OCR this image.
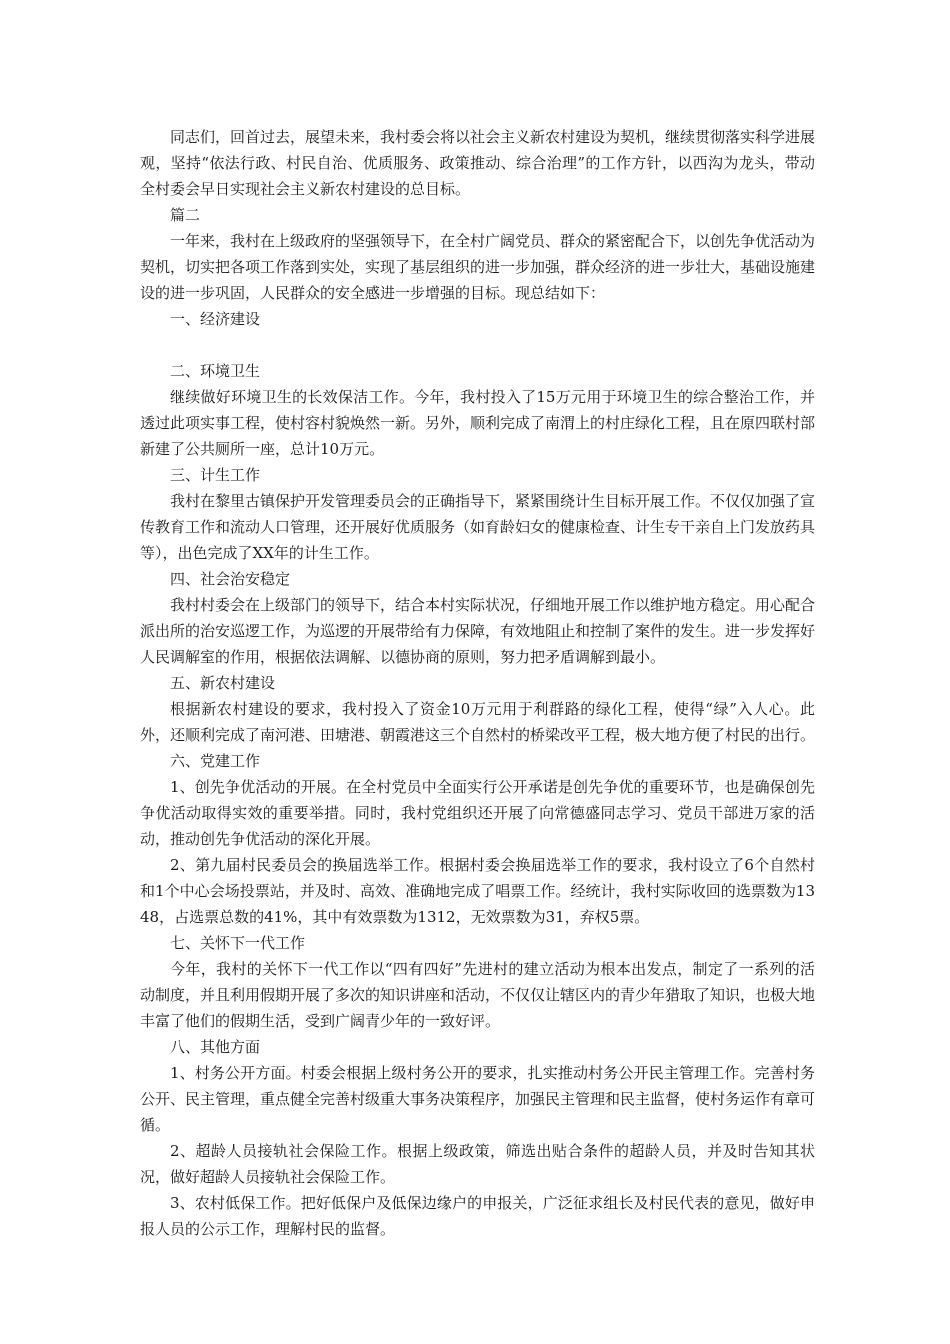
同志们，回首过去，展望未来，我村委会将以社会主义新农村建设为契机，继续贯彻落实科学进展观，坚持“依法行政、村民自治、优质服务、政策推动、综合治理”的工作方针，以西沟为龙头，带动全村委会早日实现社会主义新农村建设的总目标。

篇二

一年来，我村在上级政府的坚强领导下，在全村广阔党员、群众的紧密配合下，以创先争优活动为契机，切实把各项工作落到实处，实现了基层组织的进一步加强，群众经济的进一步壮大，基础设施建设的进一步巩固，人民群众的安全感进一步增强的目标。现总结如下：

一、经济建设

二、环境卫生

继续做好环境卫生的长效保洁工作。今年，我村投入了15万元用于环境卫生的综合整治工作，并透过此项实事工程，使村容村貌焕然一新。另外，顺利完成了南渭上的村庄绿化工程，且在原四联村部新建了公共厕所一座，总计10万元。

三、计生工作

我村在黎里古镇保护开发管理委员会的正确指导下，紧紧围绕计生目标开展工作。不仅仅加强了宣传教育工作和流动人口管理，还开展好优质服务（如育龄妇女的健康检查、计生专干亲自上门发放药具等），出色完成了XX年的计生工作。

四、社会治安稳定

我村村委会在上级部门的领导下，结合本村实际状况，仔细地开展工作以维护地方稳定。用心配合派出所的治安巡逻工作，为巡逻的开展带给有力保障，有效地阻止和控制了案件的发生。进一步发挥好人民调解室的作用，根据依法调解、以德协商的原则，努力把矛盾调解到最小。

五、新农村建设

根据新农村建设的要求，我村投入了资金10万元用于利群路的绿化工程，使得“绿”入人心。此外，还顺利完成了南河港、田塘港、朝霞港这三个自然村的桥梁改平工程，极大地方便了村民的出行。

六、党建工作

1、创先争优活动的开展。在全村党员中全面实行公开承诺是创先争优的重要环节，也是确保创先争优活动取得实效的重要举措。同时，我村党组织还开展了向常德盛同志学习、党员干部进万家的活动，推动创先争优活动的深化开展。

2、第九届村民委员会的换届选举工作。根据村委会换届选举工作的要求，我村设立了6个自然村和1个中心会场投票站，并及时、高效、准确地完成了唱票工作。经统计，我村实际收回的选票数为1348，占选票总数的41%，其中有效票数为1312，无效票数为31，弃权5票。

七、关怀下一代工作

今年，我村的关怀下一代工作以“四有四好”先进村的建立活动为根本出发点，制定了一系列的活动制度，并且利用假期开展了多次的知识讲座和活动，不仅仅让辖区内的青少年猎取了知识，也极大地丰富了他们的假期生活，受到广阔青少年的一致好评。

八、其他方面

1、村务公开方面。村委会根据上级村务公开的要求，扎实推动村务公开民主管理工作。完善村务公开、民主管理，重点健全完善村级重大事务决策程序，加强民主管理和民主监督，使村务运作有章可循。

2、超龄人员接轨社会保险工作。根据上级政策，筛选出贴合条件的超龄人员，并及时告知其状况，做好超龄人员接轨社会保险工作。

3、农村低保工作。把好低保户及低保边缘户的申报关，广泛征求组长及村民代表的意见，做好申报人员的公示工作，理解村民的监督。
